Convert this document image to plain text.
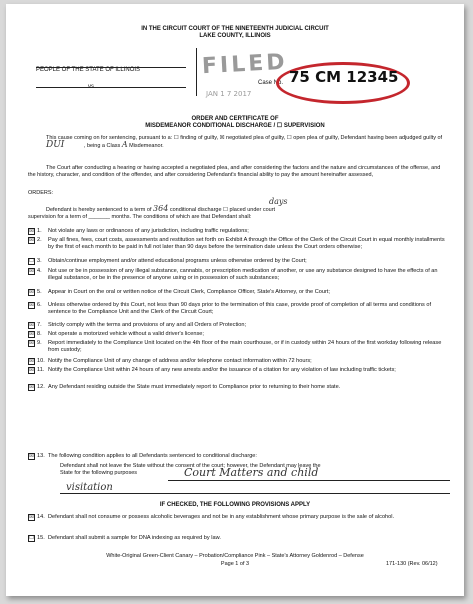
IN THE CIRCUIT COURT OF THE NINETEENTH JUDICIAL CIRCUIT
LAKE COUNTY, ILLINOIS
PEOPLE OF THE STATE OF ILLINOIS
vs
FILED
JAN 1 7 2017
Case No. 75 CM 12345
ORDER AND CERTIFICATE OF
MISDEMEANOR CONDITIONAL DISCHARGE / ☐ SUPERVISION
This cause coming on for sentencing, pursuant to a: ☐ finding of guilty, ☒ negotiated plea of guilty, ☐ open plea of guilty, Defendant having been adjudged guilty of DUI	, being a Class A Misdemeanor.
The Court after conducting a hearing or having accepted a negotiated plea, and after considering the factors and the nature and circumstances of the offense, and the history, character, and condition of the offender, and after considering Defendant's financial ability to pay the amount hereinafter assessed,
ORDERS:
Defendant is hereby sentenced to a term of 364 conditional discharge ☐ placed under court
days
supervision for a term of _______ months. The conditions of which are that Defendant shall:
☒ 1. Not violate any laws or ordinances of any jurisdiction, including traffic regulations;
☒ 2. Pay all fines, fees, court costs, assessments and restitution set forth on Exhibit A through the Office of the Clerk of the Circuit Court in equal monthly installments by the first of each month to be paid in full not later than 90 days before the termination date unless the Court orders otherwise;
☐ 3. Obtain/continue employment and/or attend educational programs unless otherwise ordered by the Court;
☒ 4. Not use or be in possession of any illegal substance, cannabis, or prescription medication of another, or use any substance designed to have the effects of an illegal substance, or be in the presence of anyone using or in possession of such substances;
☒ 5. Appear in Court on the oral or written notice of the Circuit Clerk, Compliance Officer, State's Attorney, or the Court;
☒ 6. Unless otherwise ordered by this Court, not less than 90 days prior to the termination of this case, provide proof of completion of all terms and conditions of sentence to the Compliance Unit and the Clerk of the Circuit Court;
☒ 7. Strictly comply with the terms and provisions of any and all Orders of Protection;
☒ 8. Not operate a motorized vehicle without a valid driver's license;
☒ 9. Report immediately to the Compliance Unit located on the 4th floor of the main courthouse, or if in custody within 24 hours of the first workday following release from custody;
☒ 10. Notify the Compliance Unit of any change of address and/or telephone contact information within 72 hours;
☒ 11. Notify the Compliance Unit within 24 hours of any new arrests and/or the issuance of a citation for any violation of law including traffic tickets;
☒ 12. Any Defendant residing outside the State must immediately report to Compliance prior to returning to their home state.
☒ 13. The following condition applies to all Defendants sentenced to conditional discharge:
Defendant shall not leave the State without the consent of the court; however, the Defendant may leave the
State for the following purposes	Court Matters and child
visitation
IF CHECKED, THE FOLLOWING PROVISIONS APPLY
☒ 14. Defendant shall not consume or possess alcoholic beverages and not be in any establishment whose primary purpose is the sale of alcohol.
☐ 15. Defendant shall submit a sample for DNA indexing as required by law.
White-Original Green-Client Canary – Probation/Compliance Pink – State's Attorney Goldenrod – Defense
Page 1 of 3	171-130 (Rev. 06/12)
